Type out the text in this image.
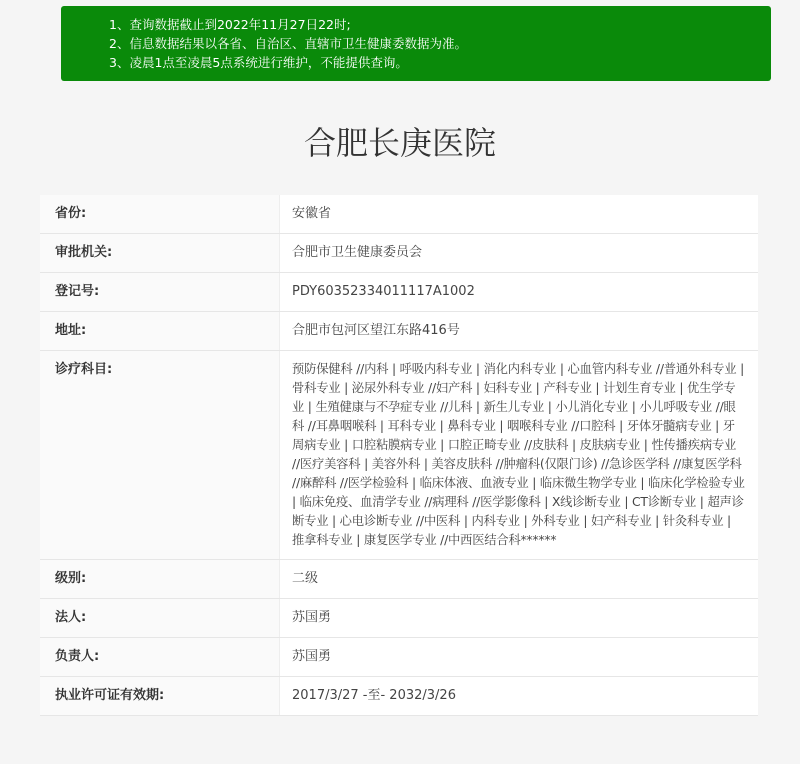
1、查询数据截止到2022年11月27日22时;
2、信息数据结果以各省、自治区、直辖市卫生健康委数据为准。
3、凌晨1点至凌晨5点系统进行维护，不能提供查询。
合肥长庚医院
省份:	安徽省
审批机关:	合肥市卫生健康委员会
登记号:	PDY60352334011117A1002
地址:	合肥市包河区望江东路416号
诊疗科目:	预防保健科 //内科 | 呼吸内科专业 | 消化内科专业 | 心血管内科专业 //普通外科专业 | 骨科专业 | 泌尿外科专业 //妇产科 | 妇科专业 | 产科专业 | 计划生育专业 | 优生学专业 | 生殖健康与不孕症专业 //儿科 | 新生儿专业 | 小儿消化专业 | 小儿呼吸专业 //眼科 //耳鼻咽喉科 | 耳科专业 | 鼻科专业 | 咽喉科专业 //口腔科 | 牙体牙髓病专业 | 牙周病专业 | 口腔粘膜病专业 | 口腔正畸专业 //皮肤科 | 皮肤病专业 | 性传播疾病专业 //医疗美容科 | 美容外科 | 美容皮肤科 //肿瘤科(仅限门诊) //急诊医学科 //康复医学科 //麻醉科 //医学检验科 | 临床体液、血液专业 | 临床微生物学专业 | 临床化学检验专业 | 临床免疫、血清学专业 //病理科 //医学影像科 | X线诊断专业 | CT诊断专业 | 超声诊断专业 | 心电诊断专业 //中医科 | 内科专业 | 外科专业 | 妇产科专业 | 针灸科专业 | 推拿科专业 | 康复医学专业 //中西医结合科******
级别:	二级
法人:	苏国勇
负责人:	苏国勇
执业许可证有效期:	2017/3/27 -至- 2032/3/26
